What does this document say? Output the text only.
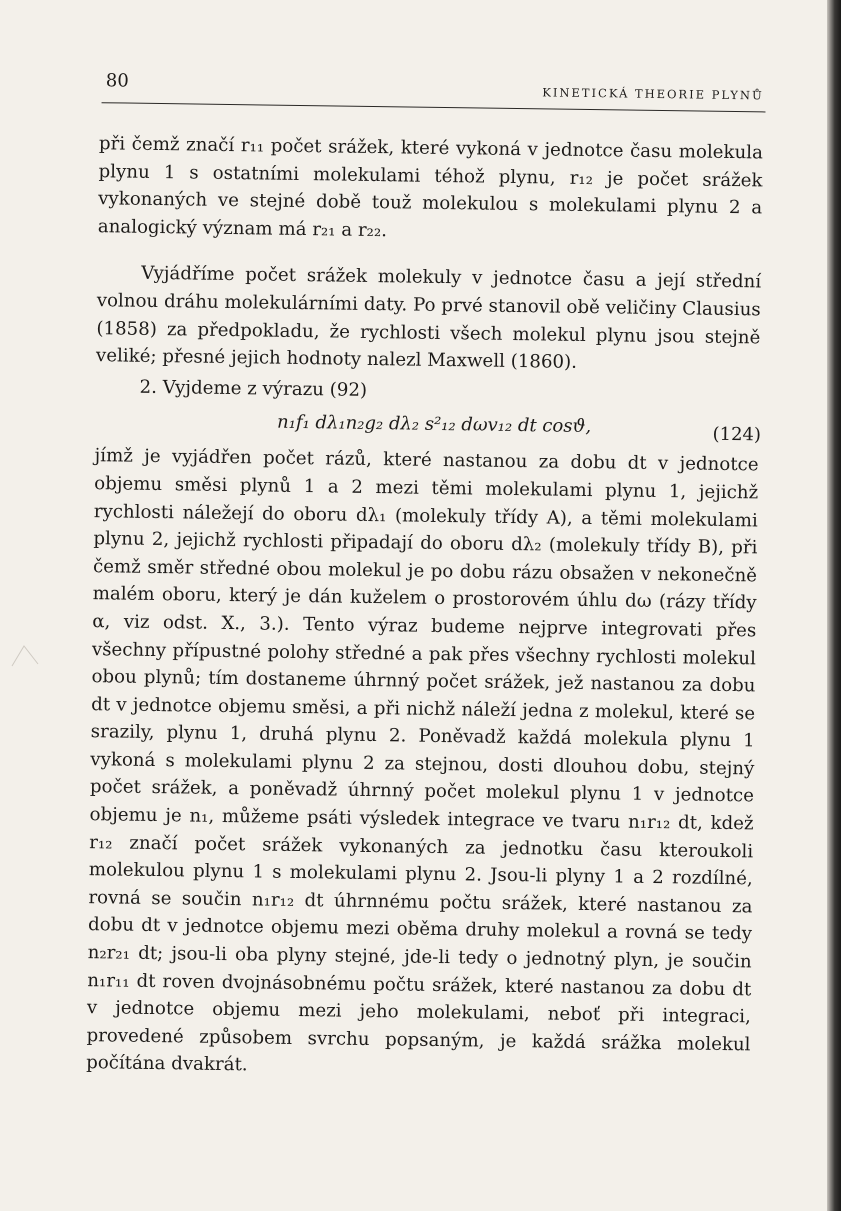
80
KINETICKÁ THEORIE PLYNŮ

při čemž značí r₁₁ počet srážek, které vykoná v jednotce času molekula plynu 1 s ostatními molekulami téhož plynu, r₁₂ je počet srážek vykonaných ve stejné době touž molekulou s molekulami plynu 2 a analogický význam má r₂₁ a r₂₂.

Vyjádříme počet srážek molekuly v jednotce času a její střední volnou dráhu molekulárními daty. Po prvé stanovil obě veličiny Clausius (1858) za předpokladu, že rychlosti všech molekul plynu jsou stejně veliké; přesné jejich hodnoty nalezl Maxwell (1860).

2. Vyjdeme z výrazu (92)

n₁f₁ dλ₁n₂g₂ dλ₂ s²₁₂ dωv₁₂ dt cosϑ,	(124)

jímž je vyjádřen počet rázů, které nastanou za dobu dt v jednotce objemu směsi plynů 1 a 2 mezi těmi molekulami plynu 1, jejichž rychlosti náležejí do oboru dλ₁ (molekuly třídy A), a těmi molekulami plynu 2, jejichž rychlosti připadají do oboru dλ₂ (molekuly třídy B), při čemž směr středné obou molekul je po dobu rázu obsažen v nekonečně malém oboru, který je dán kuželem o prostorovém úhlu dω (rázy třídy α, viz odst. X., 3.). Tento výraz budeme nejprve integrovati přes všechny přípustné polohy středné a pak přes všechny rychlosti molekul obou plynů; tím dostaneme úhrnný počet srážek, jež nastanou za dobu dt v jednotce objemu směsi, a při nichž náleží jedna z molekul, které se srazily, plynu 1, druhá plynu 2. Poněvadž každá molekula plynu 1 vykoná s molekulami plynu 2 za stejnou, dosti dlouhou dobu, stejný počet srážek, a poněvadž úhrnný počet molekul plynu 1 v jednotce objemu je n₁, můžeme psáti výsledek integrace ve tvaru n₁r₁₂ dt, kdež r₁₂ značí počet srážek vykonaných za jednotku času kteroukoli molekulou plynu 1 s molekulami plynu 2. Jsou-li plyny 1 a 2 rozdílné, rovná se součin n₁r₁₂ dt úhrnnému počtu srážek, které nastanou za dobu dt v jednotce objemu mezi oběma druhy molekul a rovná se tedy n₂r₂₁ dt; jsou-li oba plyny stejné, jde-li tedy o jednotný plyn, je součin n₁r₁₁ dt roven dvojnásobnému počtu srážek, které nastanou za dobu dt v jednotce objemu mezi jeho molekulami, neboť při integraci, provedené způsobem svrchu popsaným, je každá srážka molekul počítána dvakrát.
